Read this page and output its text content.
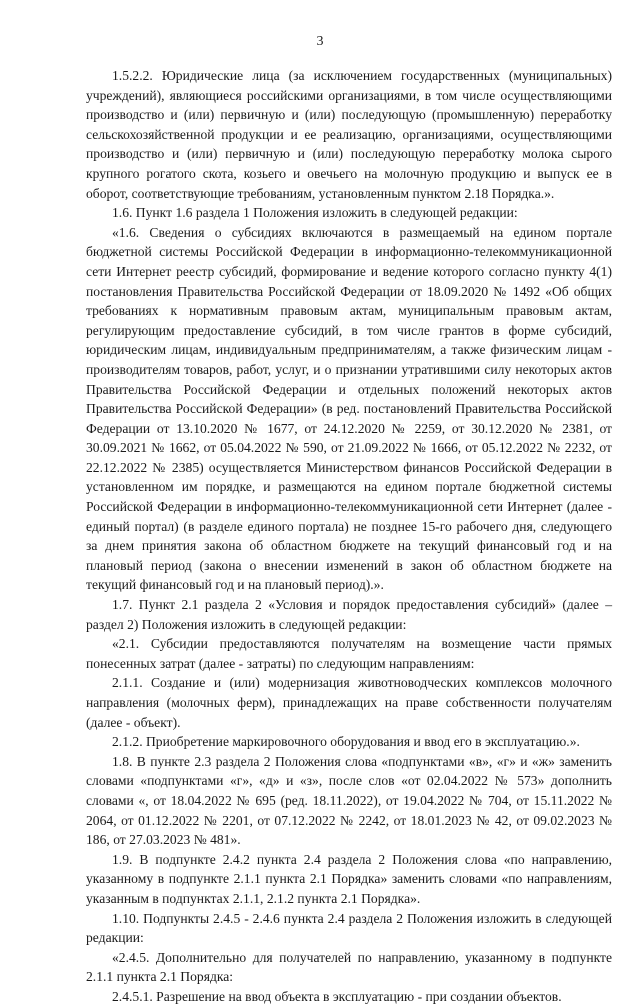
3

1.5.2.2. Юридические лица (за исключением государственных (муниципальных) учреждений), являющиеся российскими организациями, в том числе осуществляющими производство и (или) первичную и (или) последующую (промышленную) переработку сельскохозяйственной продукции и ее реализацию, организациями, осуществляющими производство и (или) первичную и (или) последующую переработку молока сырого крупного рогатого скота, козьего и овечьего на молочную продукцию и выпуск ее в оборот, соответствующие требованиям, установленным пунктом 2.18 Порядка.».

1.6. Пункт 1.6 раздела 1 Положения изложить в следующей редакции:

«1.6. Сведения о субсидиях включаются в размещаемый на едином портале бюджетной системы Российской Федерации в информационно-телекоммуникационной сети Интернет реестр субсидий, формирование и ведение которого согласно пункту 4(1) постановления Правительства Российской Федерации от 18.09.2020 № 1492 «Об общих требованиях к нормативным правовым актам, муниципальным правовым актам, регулирующим предоставление субсидий, в том числе грантов в форме субсидий, юридическим лицам, индивидуальным предпринимателям, а также физическим лицам - производителям товаров, работ, услуг, и о признании утратившими силу некоторых актов Правительства Российской Федерации и отдельных положений некоторых актов Правительства Российской Федерации» (в ред. постановлений Правительства Российской Федерации от 13.10.2020 № 1677, от 24.12.2020 № 2259, от 30.12.2020 № 2381, от 30.09.2021 № 1662, от 05.04.2022 № 590, от 21.09.2022 № 1666, от 05.12.2022 № 2232, от 22.12.2022 № 2385) осуществляется Министерством финансов Российской Федерации в установленном им порядке, и размещаются на едином портале бюджетной системы Российской Федерации в информационно-телекоммуникационной сети Интернет (далее - единый портал) (в разделе единого портала) не позднее 15-го рабочего дня, следующего за днем принятия закона об областном бюджете на текущий финансовый год и на плановый период (закона о внесении изменений в закон об областном бюджете на текущий финансовый год и на плановый период).».

1.7. Пункт 2.1 раздела 2 «Условия и порядок предоставления субсидий» (далее – раздел 2) Положения изложить в следующей редакции:

«2.1. Субсидии предоставляются получателям на возмещение части прямых понесенных затрат (далее - затраты) по следующим направлениям:

2.1.1. Создание и (или) модернизация животноводческих комплексов молочного направления (молочных ферм), принадлежащих на праве собственности получателям (далее - объект).

2.1.2. Приобретение маркировочного оборудования и ввод его в эксплуатацию.».

1.8. В пункте 2.3 раздела 2 Положения слова «подпунктами «в», «г» и «ж» заменить словами «подпунктами «г», «д» и «з», после слов «от 02.04.2022 № 573» дополнить словами «, от 18.04.2022 № 695 (ред. 18.11.2022), от 19.04.2022 № 704, от 15.11.2022 № 2064, от 01.12.2022 № 2201, от 07.12.2022 № 2242, от 18.01.2023 № 42, от 09.02.2023 № 186, от 27.03.2023 № 481».

1.9. В подпункте 2.4.2 пункта 2.4 раздела 2 Положения слова «по направлению, указанному в подпункте 2.1.1 пункта 2.1 Порядка» заменить словами «по направлениям, указанным в подпунктах 2.1.1, 2.1.2 пункта 2.1 Порядка».

1.10. Подпункты 2.4.5 - 2.4.6 пункта 2.4 раздела 2 Положения изложить в следующей редакции:

«2.4.5. Дополнительно для получателей по направлению, указанному в подпункте 2.1.1 пункта 2.1 Порядка:

2.4.5.1. Разрешение на ввод объекта в эксплуатацию - при создании объектов.
